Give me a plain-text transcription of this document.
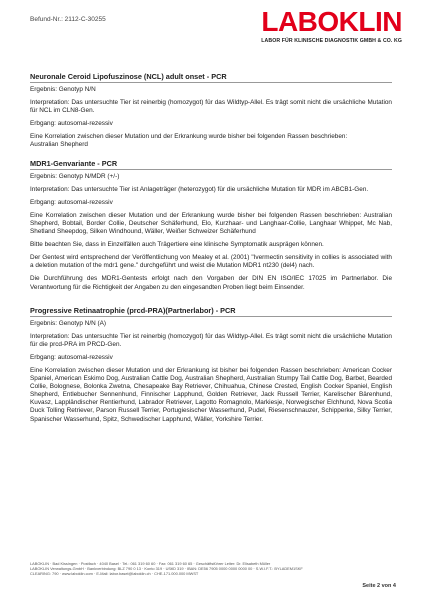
Befund-Nr.: 2112-C-30255	LABOKLIN
LABOR FÜR KLINISCHE DIAGNOSTIK GMBH & CO. KG
Neuronale Ceroid Lipofuszinose (NCL) adult onset - PCR

Ergebnis: Genotyp N/N

Interpretation: Das untersuchte Tier ist reinerbig (homozygot) für das Wildtyp-Allel. Es trägt somit nicht die ursächliche Mutation für NCL im CLN8-Gen.

Erbgang: autosomal-rezessiv

Eine Korrelation zwischen dieser Mutation und der Erkrankung wurde bisher bei folgenden Rassen beschrieben:

Australian Shepherd

MDR1-Genvariante - PCR

Ergebnis: Genotyp N/MDR (+/-)

Interpretation: Das untersuchte Tier ist Anlageträger (heterozygot) für die ursächliche Mutation für MDR im ABCB1-Gen.

Erbgang: autosomal-rezessiv

Eine Korrelation zwischen dieser Mutation und der Erkrankung wurde bisher bei folgenden Rassen beschrieben: Australian Shepherd, Bobtail, Border Collie, Deutscher Schäferhund, Elo, Kurzhaar- und Langhaar-Collie, Langhaar Whippet, Mc Nab, Shetland Sheepdog, Silken Windhound, Wäller, Weißer Schweizer Schäferhund

Bitte beachten Sie, dass in Einzelfällen auch Trägertiere eine klinische Symptomatik ausprägen können.

Der Gentest wird entsprechend der Veröffentlichung von Mealey et al. (2001) "Ivermectin sensitivity in collies is associated with a deletion mutation of the mdr1 gene." durchgeführt und weist die Mutation MDR1 nt230 (del4) nach.

Die Durchführung des MDR1-Gentests erfolgt nach den Vorgaben der DIN EN ISO/IEC 17025 im Partnerlabor. Die Verantwortung für die Richtigkeit der Angaben zu den eingesandten Proben liegt beim Einsender.

Progressive Retinaatrophie (prcd-PRA)(Partnerlabor) - PCR

Ergebnis: Genotyp N/N (A)

Interpretation: Das untersuchte Tier ist reinerbig (homozygot) für das Wildtyp-Allel. Es trägt somit nicht die ursächliche Mutation für die prcd-PRA im PRCD-Gen.

Erbgang: autosomal-rezessiv

Eine Korrelation zwischen dieser Mutation und der Erkrankung ist bisher bei folgenden Rassen beschrieben: American Cocker Spaniel, American Eskimo Dog, Australian Cattle Dog, Australian Shepherd, Australian Stumpy Tail Cattle Dog, Barbet, Bearded Collie, Bolognese, Bolonka Zwetna, Chesapeake Bay Retriever, Chihuahua, Chinese Crested, English Cocker Spaniel, English Shepherd, Entlebucher Sennenhund, Finnischer Lapphund, Golden Retriever, Jack Russell Terrier, Karelischer Bärenhund, Kuvasz, Lappländischer Rentierhund, Labrador Retriever, Lagotto Romagnolo, Markiesje, Norwegischer Elchhund, Nova Scotia Duck Tolling Retriever, Parson Russell Terrier, Portugiesischer Wasserhund, Pudel, Riesenschnauzer, Schipperke, Silky Terrier, Spanischer Wasserhund, Spitz, Schwedischer Lapphund, Wäller, Yorkshire Terrier.

LABOKLIN · Bad Kissingen · Postfach · 4040 Basel · Tel.: 061 319 60 60 · Fax: 061 319 60 65 · Geschäftsführer Leiter: Dr. Elisabeth Müller
LABOKLIN Verwaltungs-GmbH · Bankverbindung: BLZ 790 0 13 · Konto 319 · UStID 319 · IBAN: DE56 7905 0000 0000 0000 00 · S.W.I.F.T.: BYLADEM1SKF
CLEARING: 790 · www.laboklin.com · E-Mail: labor.basel@laboklin.ch · CHE-171.000.000 MWST
Seite 2 von 4
